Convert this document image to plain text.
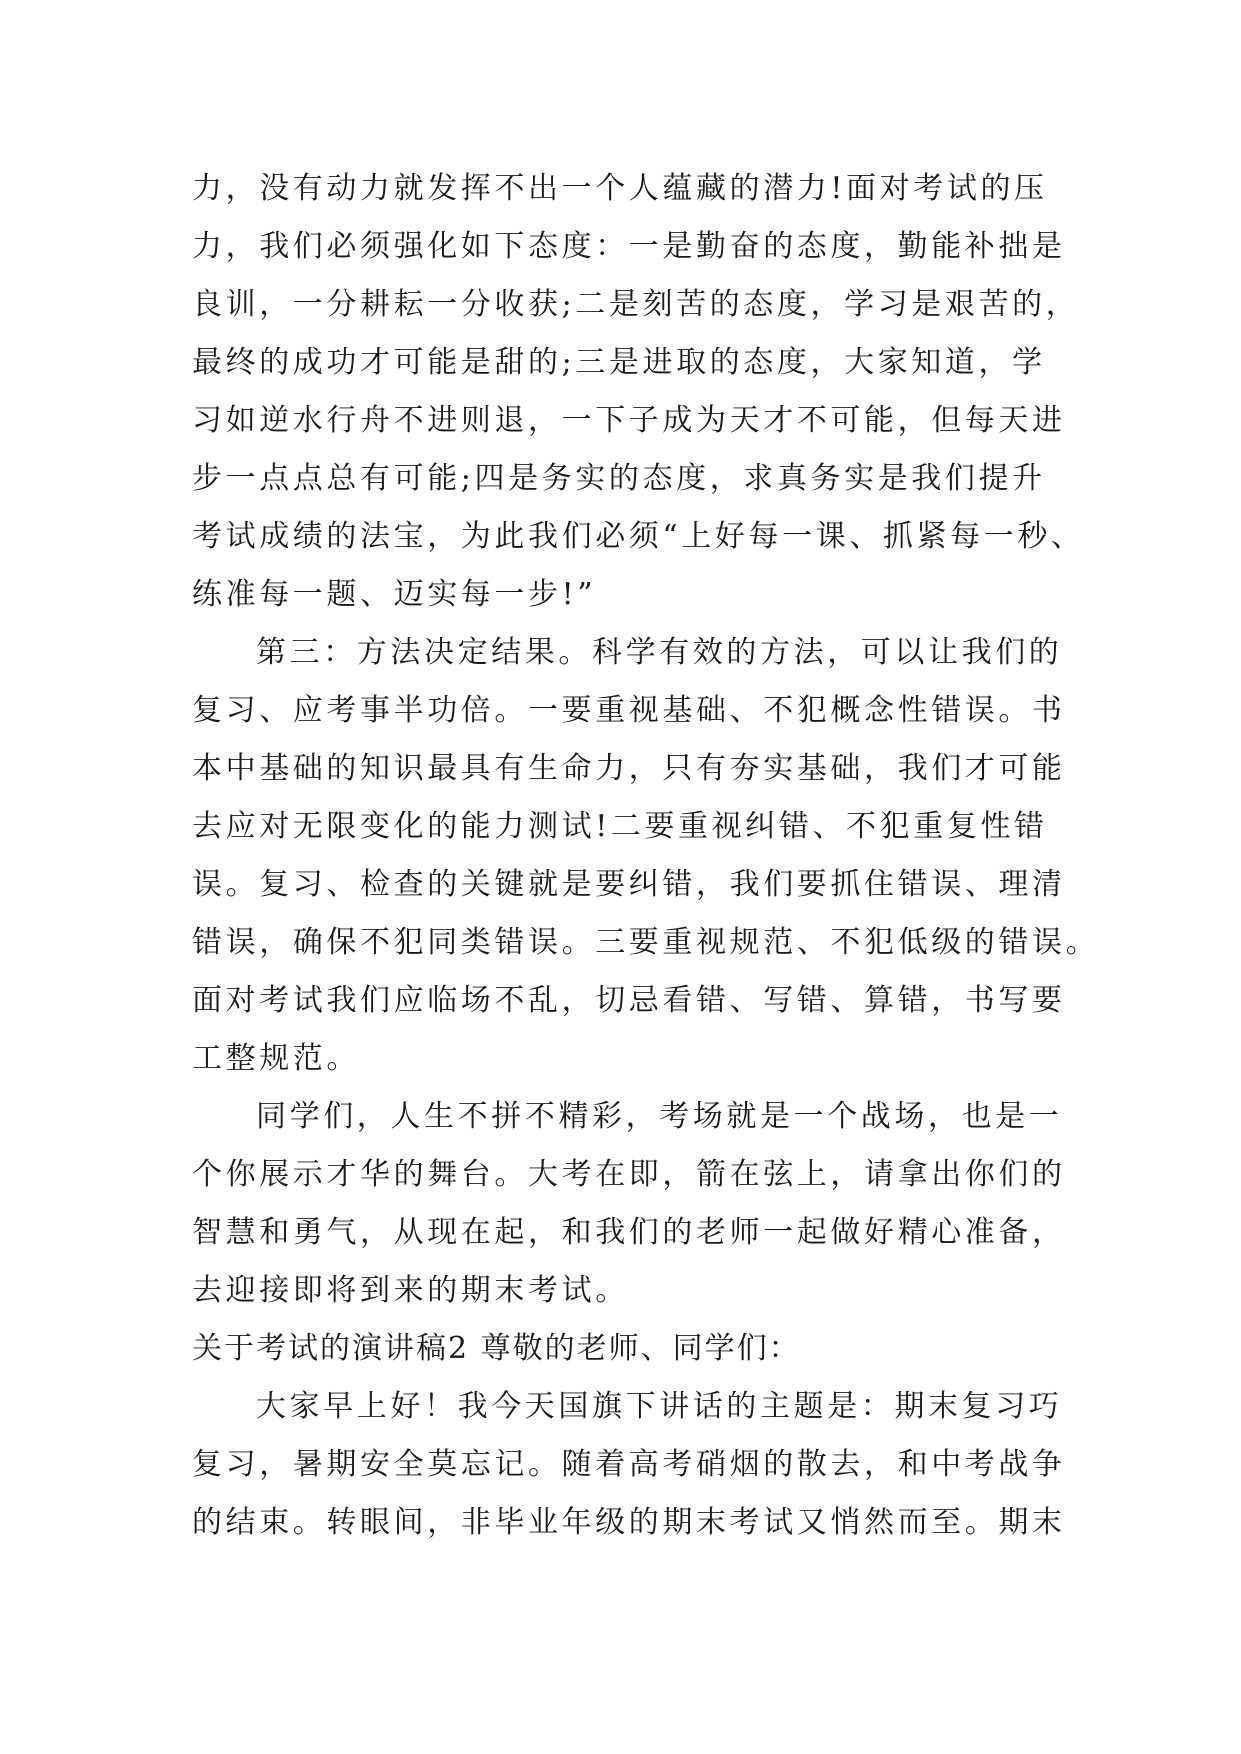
力，没有动力就发挥不出一个人蕴藏的潜力!面对考试的压
力，我们必须强化如下态度：一是勤奋的态度，勤能补拙是
良训，一分耕耘一分收获;二是刻苦的态度，学习是艰苦的，
最终的成功才可能是甜的;三是进取的态度，大家知道，学
习如逆水行舟不进则退，一下子成为天才不可能，但每天进
步一点点总有可能;四是务实的态度，求真务实是我们提升
考试成绩的法宝，为此我们必须“上好每一课、抓紧每一秒、
练准每一题、迈实每一步!”
第三：方法决定结果。科学有效的方法，可以让我们的
复习、应考事半功倍。一要重视基础、不犯概念性错误。书
本中基础的知识最具有生命力，只有夯实基础，我们才可能
去应对无限变化的能力测试!二要重视纠错、不犯重复性错
误。复习、检查的关键就是要纠错，我们要抓住错误、理清
错误，确保不犯同类错误。三要重视规范、不犯低级的错误。
面对考试我们应临场不乱，切忌看错、写错、算错，书写要
工整规范。
同学们，人生不拼不精彩，考场就是一个战场，也是一
个你展示才华的舞台。大考在即，箭在弦上，请拿出你们的
智慧和勇气，从现在起，和我们的老师一起做好精心准备，
去迎接即将到来的期末考试。
关于考试的演讲稿2 尊敬的老师、同学们：
大家早上好！我今天国旗下讲话的主题是：期末复习巧
复习，暑期安全莫忘记。随着高考硝烟的散去，和中考战争
的结束。转眼间，非毕业年级的期末考试又悄然而至。期末
